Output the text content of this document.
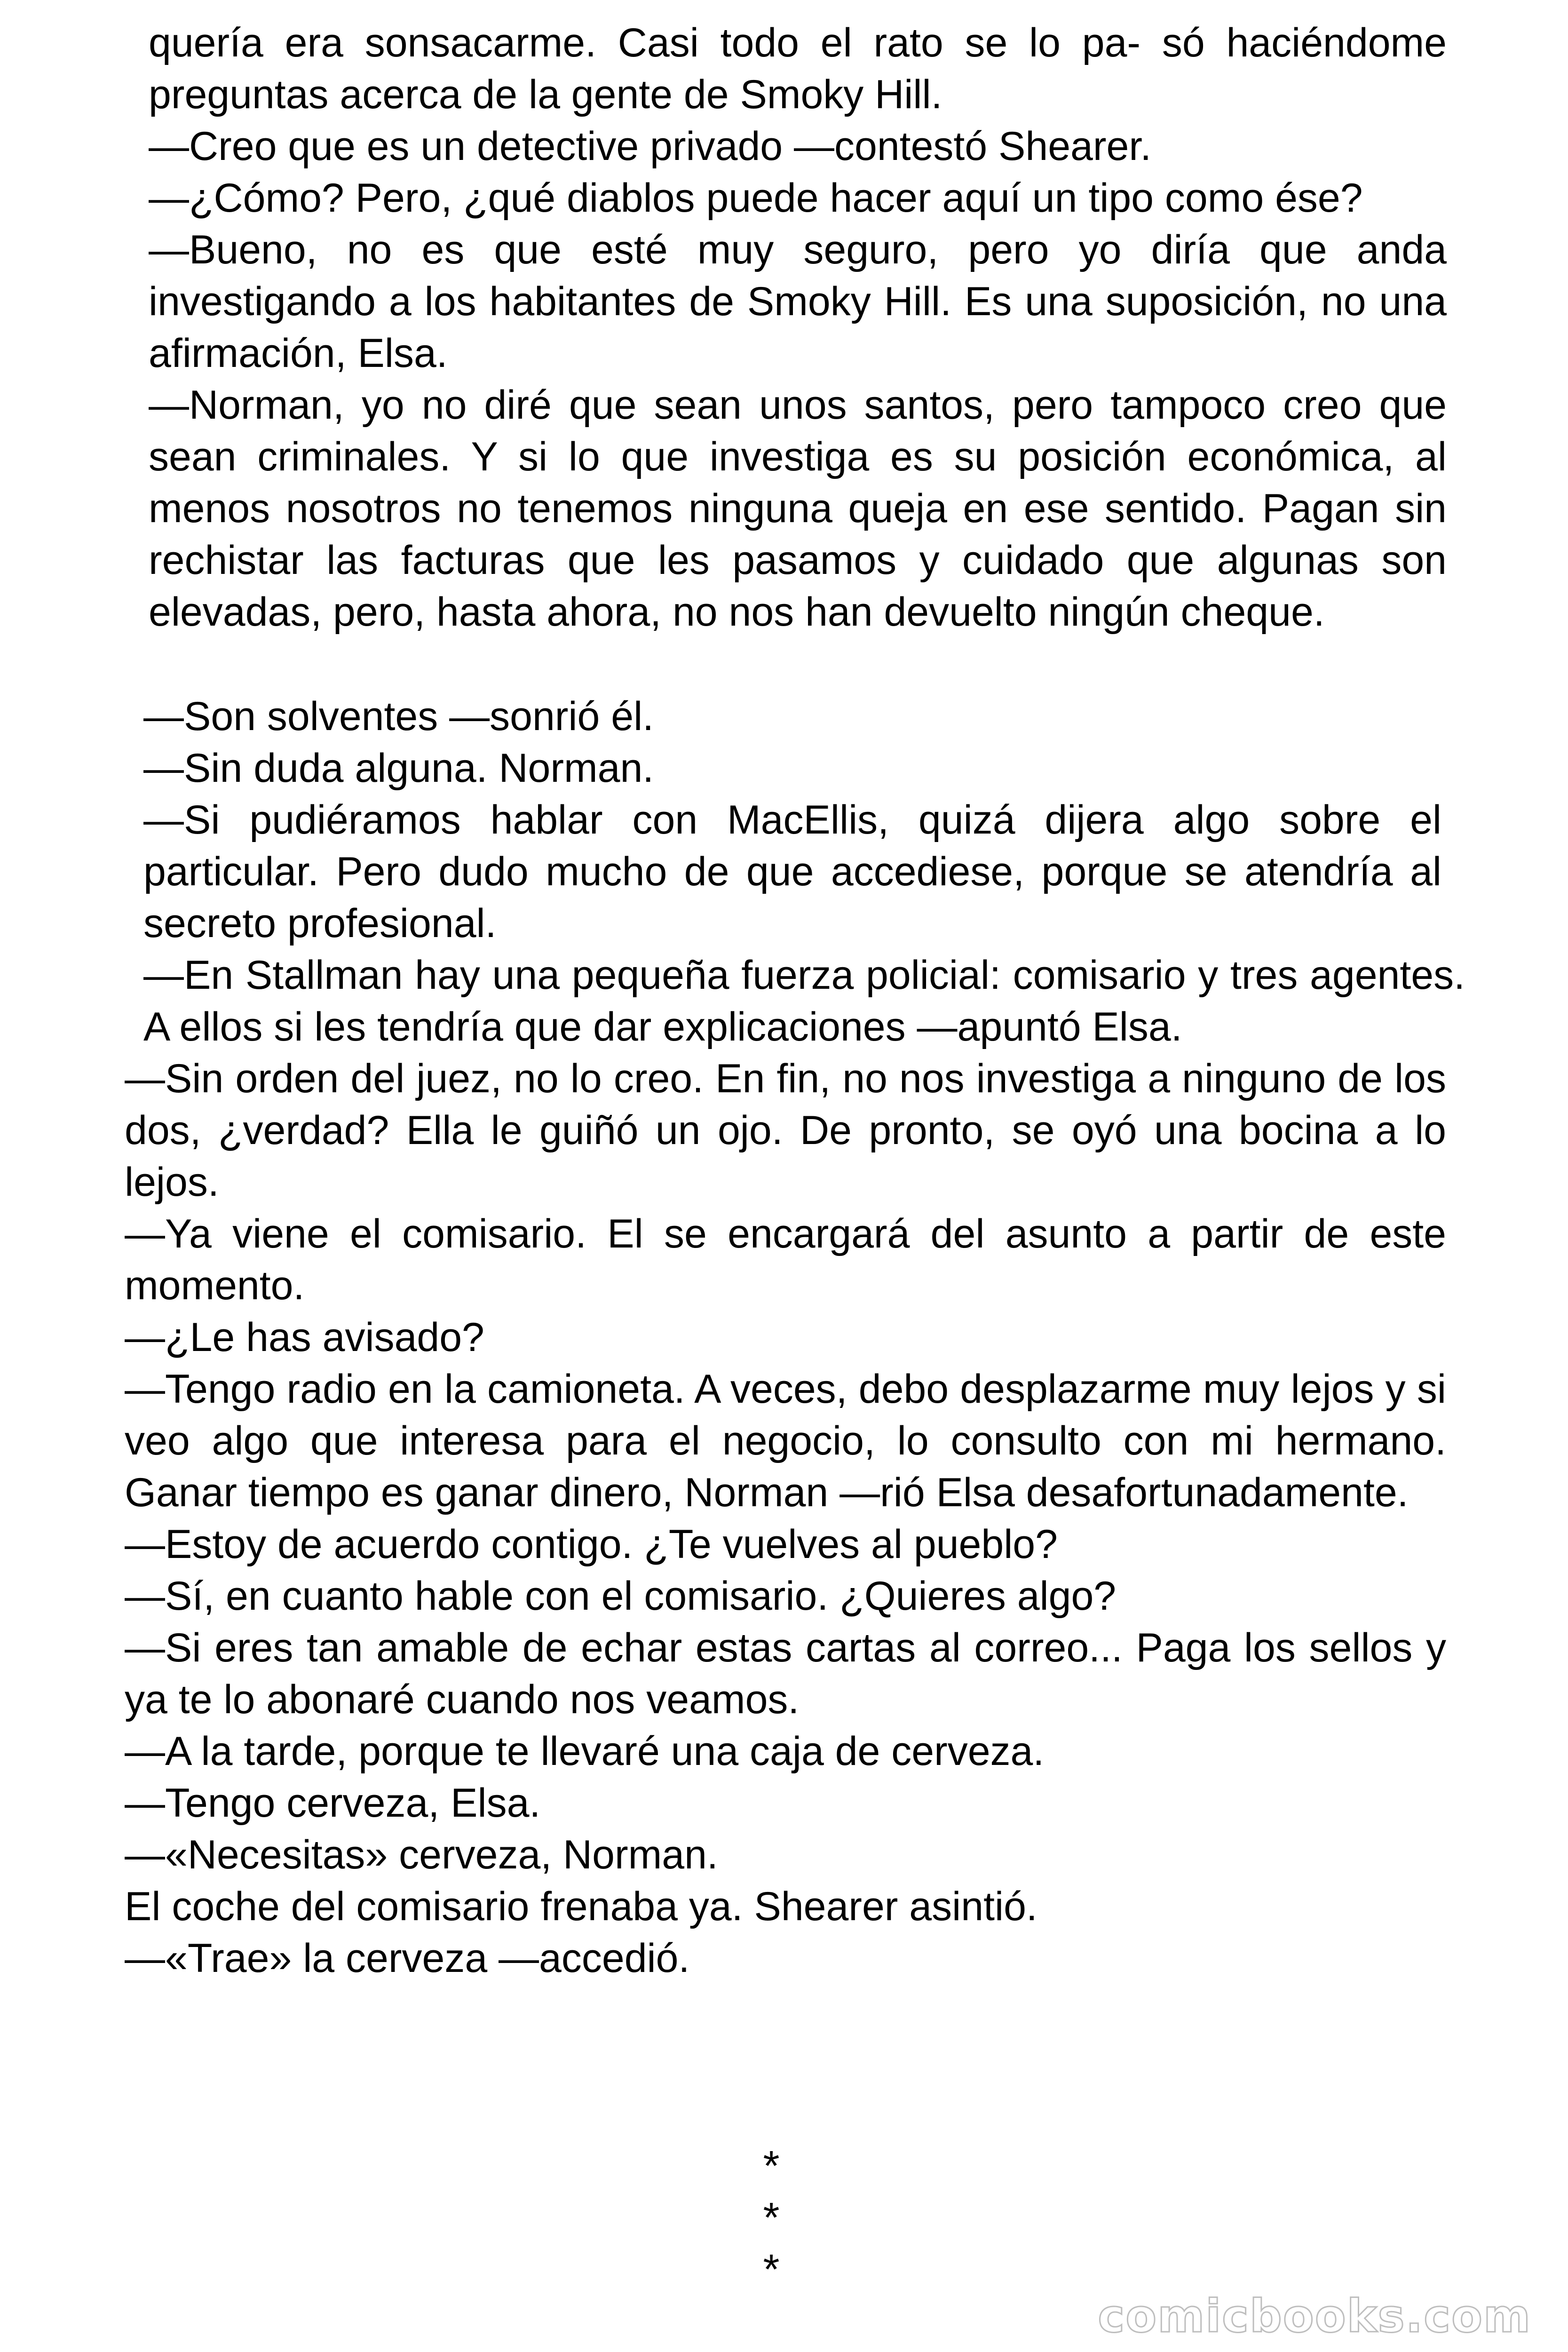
quería era sonsacarme. Casi todo el rato se lo pa- só haciéndome preguntas acerca de la gente de Smoky Hill.

—Creo que es un detective privado —contestó Shearer.

—¿Cómo? Pero, ¿qué diablos puede hacer aquí un tipo como ése?

—Bueno, no es que esté muy seguro, pero yo diría que anda investigando a los habitantes de Smoky Hill. Es una suposición, no una afirmación, Elsa.

—Norman, yo no diré que sean unos santos, pero tampoco creo que sean criminales. Y si lo que investiga es su posición económica, al menos nosotros no tenemos ninguna queja en ese sentido. Pagan sin rechistar las facturas que les pasamos y cuidado que algunas son elevadas, pero, hasta ahora, no nos han devuelto ningún cheque.

—Son solventes —sonrió él.

—Sin duda alguna. Norman.

—Si pudiéramos hablar con MacEllis, quizá dijera algo sobre el particular. Pero dudo mucho de que accediese, porque se atendría al secreto profesional.

—En Stallman hay una pequeña fuerza policial: comisario y tres agentes. A ellos si les tendría que dar explicaciones —apuntó Elsa.

—Sin orden del juez, no lo creo. En fin, no nos investiga a ninguno de los dos, ¿verdad? Ella le guiñó un ojo. De pronto, se oyó una bocina a lo lejos.

—Ya viene el comisario. El se encargará del asunto a partir de este momento.

—¿Le has avisado?

—Tengo radio en la camioneta. A veces, debo desplazarme muy lejos y si veo algo que interesa para el negocio, lo consulto con mi hermano. Ganar tiempo es ganar dinero, Norman —rió Elsa desafortunadamente.

—Estoy de acuerdo contigo. ¿Te vuelves al pueblo?

—Sí, en cuanto hable con el comisario. ¿Quieres algo?

—Si eres tan amable de echar estas cartas al correo... Paga los sellos y ya te lo abonaré cuando nos veamos.

—A la tarde, porque te llevaré una caja de cerveza.

—Tengo cerveza, Elsa.

—«Necesitas» cerveza, Norman.

El coche del comisario frenaba ya. Shearer asintió.

—«Trae» la cerveza —accedió.

*
*
*
comicbooks.com
